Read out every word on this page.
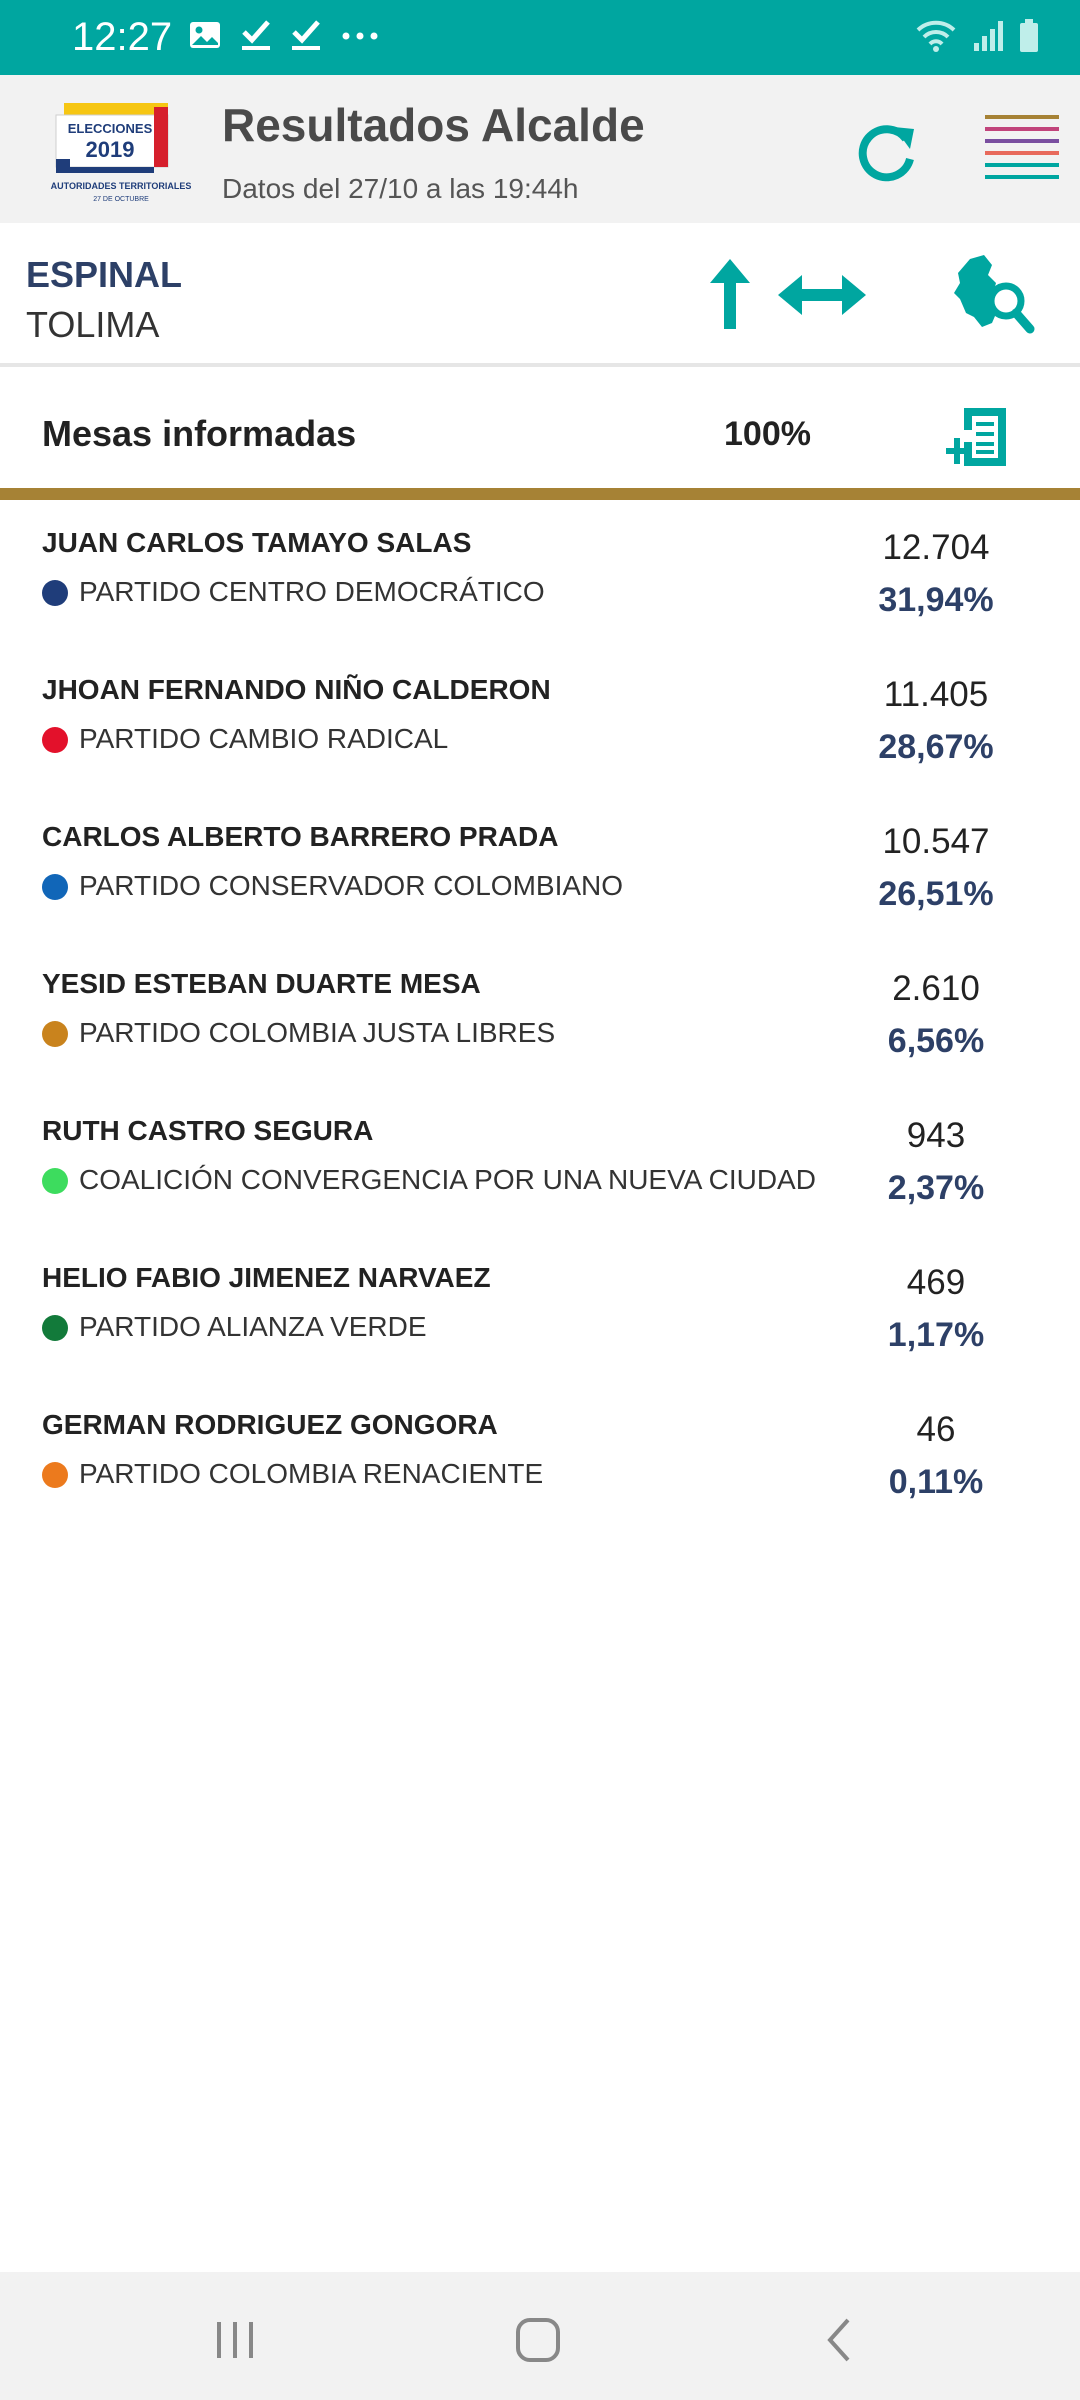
12:27
ELECCIONES
2019
AUTORIDADES TERRITORIALES
27 DE OCTUBRE
Resultados Alcalde
Datos del 27/10 a las 19:44h
ESPINAL
TOLIMA
Mesas informadas	100%
JUAN CARLOS TAMAYO SALAS
PARTIDO CENTRO DEMOCRÁTICO
12.704
31,94%
JHOAN FERNANDO NIÑO CALDERON
PARTIDO CAMBIO RADICAL
11.405
28,67%
CARLOS ALBERTO BARRERO PRADA
PARTIDO CONSERVADOR COLOMBIANO
10.547
26,51%
YESID ESTEBAN DUARTE MESA
PARTIDO COLOMBIA JUSTA LIBRES
2.610
6,56%
RUTH CASTRO SEGURA
COALICIÓN CONVERGENCIA POR UNA NUEVA CIUDAD
943
2,37%
HELIO FABIO JIMENEZ NARVAEZ
PARTIDO ALIANZA VERDE
469
1,17%
GERMAN RODRIGUEZ GONGORA
PARTIDO COLOMBIA RENACIENTE
46
0,11%
